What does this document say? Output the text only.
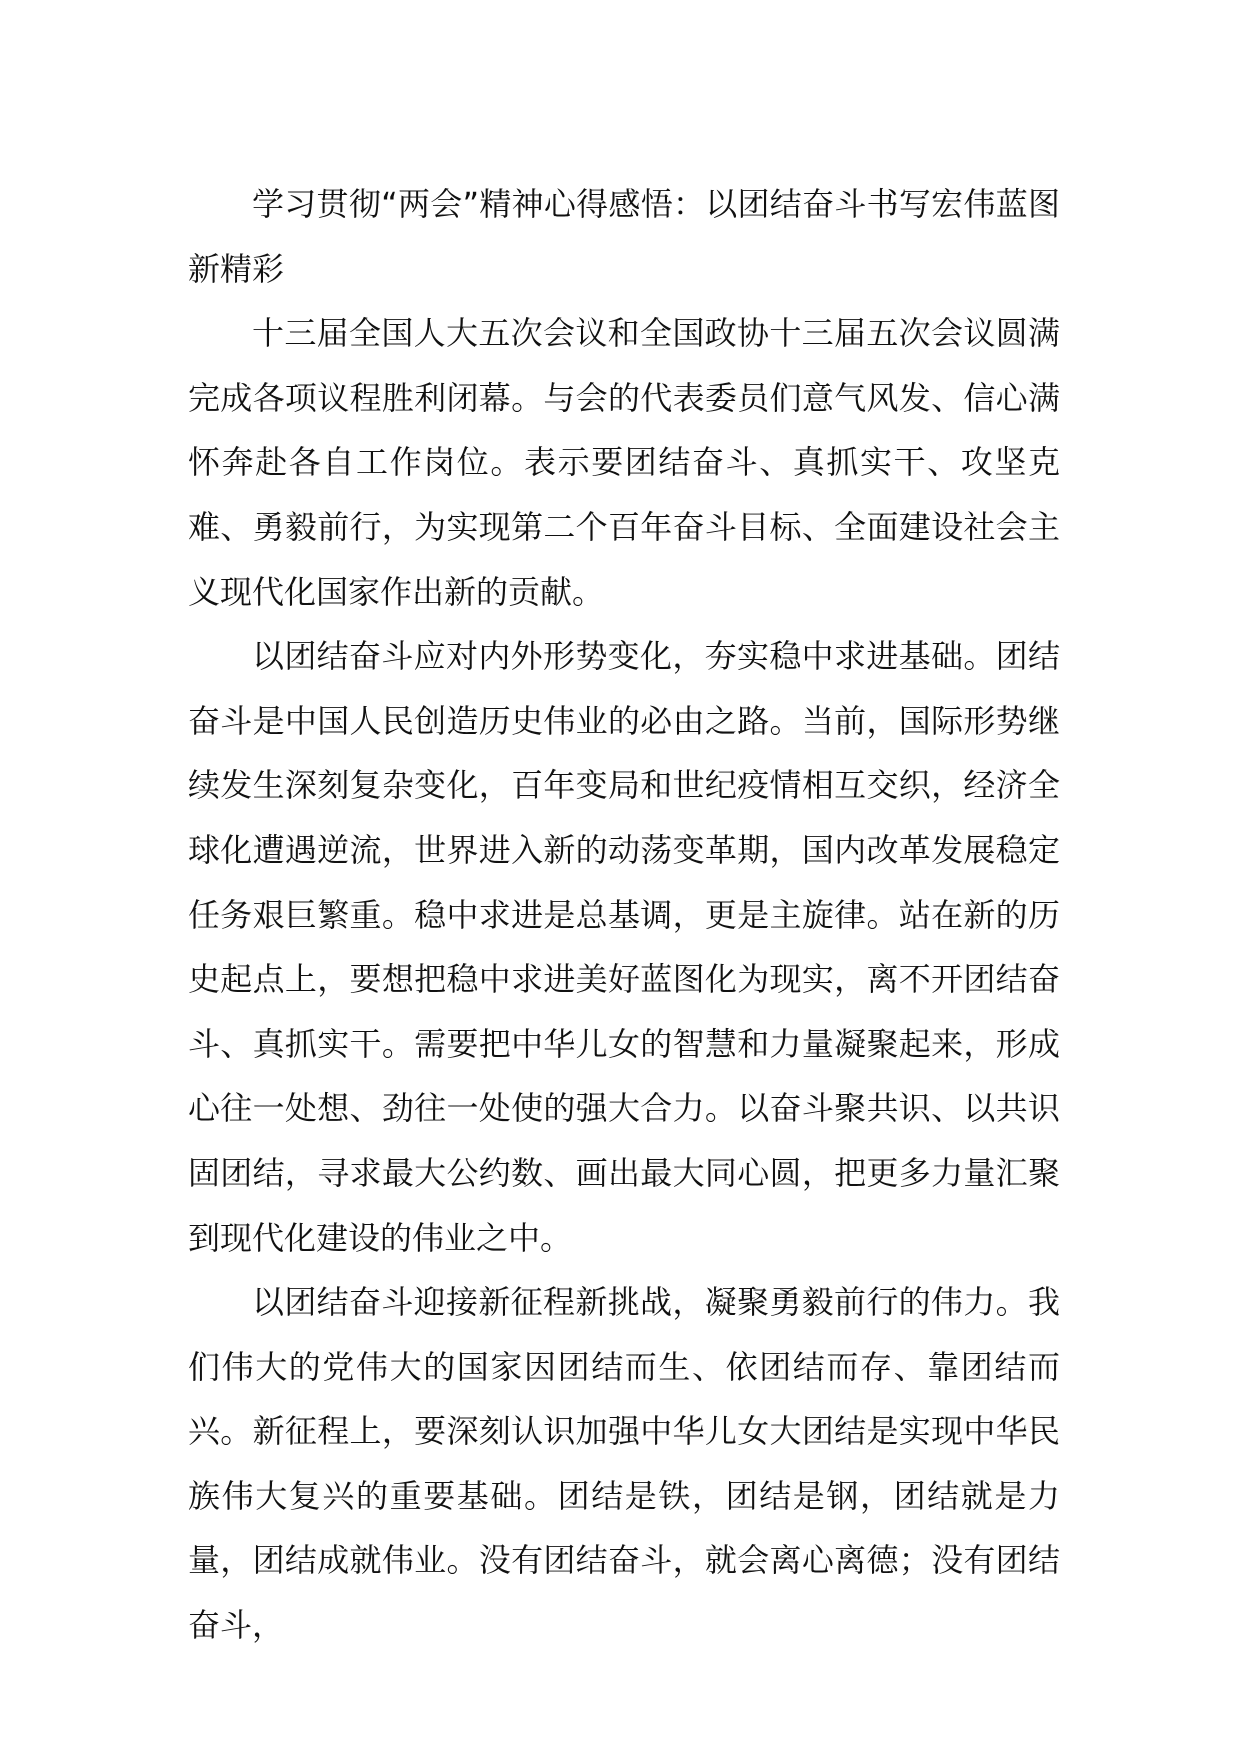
学习贯彻“两会”精神心得感悟：以团结奋斗书写宏伟蓝图新精彩

十三届全国人大五次会议和全国政协十三届五次会议圆满完成各项议程胜利闭幕。与会的代表委员们意气风发、信心满怀奔赴各自工作岗位。表示要团结奋斗、真抓实干、攻坚克难、勇毅前行，为实现第二个百年奋斗目标、全面建设社会主义现代化国家作出新的贡献。

以团结奋斗应对内外形势变化，夯实稳中求进基础。团结奋斗是中国人民创造历史伟业的必由之路。当前，国际形势继续发生深刻复杂变化，百年变局和世纪疫情相互交织，经济全球化遭遇逆流，世界进入新的动荡变革期，国内改革发展稳定任务艰巨繁重。稳中求进是总基调，更是主旋律。站在新的历史起点上，要想把稳中求进美好蓝图化为现实，离不开团结奋斗、真抓实干。需要把中华儿女的智慧和力量凝聚起来，形成心往一处想、劲往一处使的强大合力。以奋斗聚共识、以共识固团结，寻求最大公约数、画出最大同心圆，把更多力量汇聚到现代化建设的伟业之中。

以团结奋斗迎接新征程新挑战，凝聚勇毅前行的伟力。我们伟大的党伟大的国家因团结而生、依团结而存、靠团结而兴。新征程上，要深刻认识加强中华儿女大团结是实现中华民族伟大复兴的重要基础。团结是铁，团结是钢，团结就是力量，团结成就伟业。没有团结奋斗，就会离心离德；没有团结奋斗，
